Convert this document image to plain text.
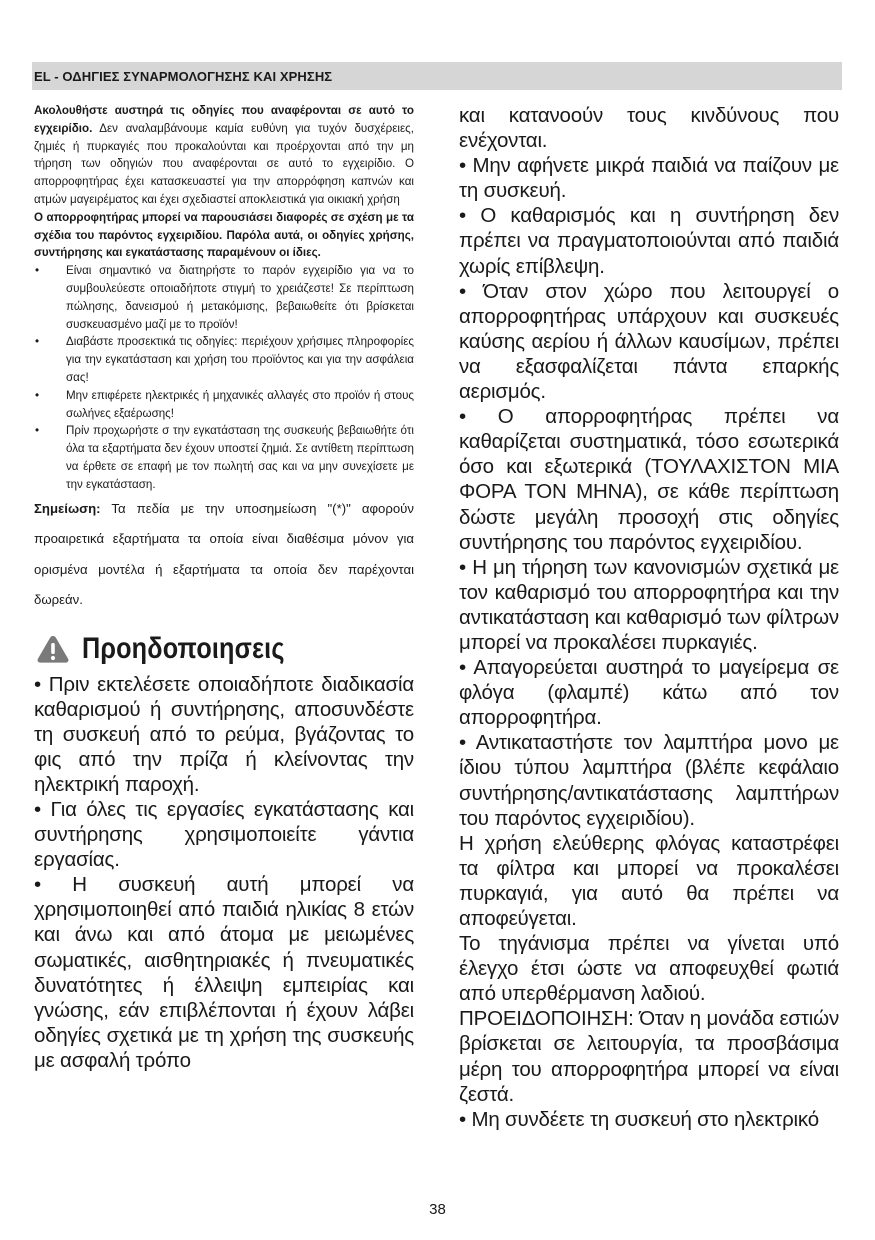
EL - ΟΔΗΓΙΕΣ ΣΥΝΑΡΜΟΛΟΓΗΣΗΣ ΚΑΙ ΧΡΗΣΗΣ

Ακολουθήστε αυστηρά τις οδηγίες που αναφέρονται σε αυτό το εγχειρίδιο. Δεν αναλαμβάνουμε καμία ευθύνη για τυχόν δυσχέρειες, ζημιές ή πυρκαγιές που προκαλούνται και προέρχονται από την μη τήρηση των οδηγιών που αναφέρονται σε αυτό το εγχειρίδιο. Ο απορροφητήρας έχει κατασκευαστεί για την απορρόφηση καπνών και ατμών μαγειρέματος και έχει σχεδιαστεί αποκλειστικά για οικιακή χρήση

Ο απορροφητήρας μπορεί να παρουσιάσει διαφορές σε σχέση με τα σχέδια του παρόντος εγχειριδίου. Παρόλα αυτά, οι οδηγίες χρήσης, συντήρησης και εγκατάστασης παραμένουν οι ίδιες.

• Είναι σημαντικό να διατηρήστε το παρόν εγχειρίδιο για να το συμβουλεύεστε οποιαδήποτε στιγμή το χρειάζεστε! Σε περίπτωση πώλησης, δανεισμού ή μετακόμισης, βεβαιωθείτε ότι βρίσκεται συσκευασμένο μαζί με το προϊόν!
• Διαβάστε προσεκτικά τις οδηγίες: περιέχουν χρήσιμες πληροφορίες για την εγκατάσταση και χρήση του προϊόντος και για την ασφάλεια σας!
• Μην επιφέρετε ηλεκτρικές ή μηχανικές αλλαγές στο προϊόν ή στους σωλήνες εξαέρωσης!
• Πρίν προχωρήστε σ την εγκατάσταση της συσκευής βεβαιωθήτε ότι όλα τα εξαρτήματα δεν έχουν υποστεί ζημιά. Σε αντίθετη περίπτωση να έρθετε σε επαφή με τον πωλητή σας και να μην συνεχίσετε με την εγκατάσταση.

Σημείωση: Τα πεδία με την υποσημείωση "(*)" αφορούν προαιρετικά εξαρτήματα τα οποία είναι διαθέσιμα μόνον για ορισμένα μοντέλα ή εξαρτήματα τα οποία δεν παρέχονται δωρεάν.

Προηδοποιησεις

• Πριν εκτελέσετε οποιαδήποτε διαδικασία καθαρισμού ή συντήρησης, αποσυνδέστε τη συσκευή από το ρεύμα, βγάζοντας το φις από την πρίζα ή κλείνοντας την ηλεκτρική παροχή.

• Για όλες τις εργασίες εγκατάστασης και συντήρησης χρησιμοποιείτε γάντια εργασίας.

• Η συσκευή αυτή μπορεί να χρησιμοποιηθεί από παιδιά ηλικίας 8 ετών και άνω και από άτομα με μειωμένες σωματικές, αισθητηριακές ή πνευματικές δυνατότητες ή έλλειψη εμπειρίας και γνώσης, εάν επιβλέπονται ή έχουν λάβει οδηγίες σχετικά με τη χρήση της συσκευής με ασφαλή τρόπο

και κατανοούν τους κινδύνους που ενέχονται.

• Μην αφήνετε μικρά παιδιά να παίζουν με τη συσκευή.

• Ο καθαρισμός και η συντήρηση δεν πρέπει να πραγματοποιούνται από παιδιά χωρίς επίβλεψη.

• Όταν στον χώρο που λειτουργεί ο απορροφητήρας υπάρχουν και συσκευές καύσης αερίου ή άλλων καυσίμων, πρέπει να εξασφαλίζεται πάντα επαρκής αερισμός.

• Ο απορροφητήρας πρέπει να καθαρίζεται συστηματικά, τόσο εσωτερικά όσο και εξωτερικά (ΤΟΥΛΑΧΙΣΤΟΝ ΜΙΑ ΦΟΡΑ ΤΟΝ ΜΗΝΑ), σε κάθε περίπτωση δώστε μεγάλη προσοχή στις οδηγίες συντήρησης του παρόντος εγχειριδίου.

• Η μη τήρηση των κανονισμών σχετικά με τον καθαρισμό του απορροφητήρα και την αντικατάσταση και καθαρισμό των φίλτρων μπορεί να προκαλέσει πυρκαγιές.

• Απαγορεύεται αυστηρά το μαγείρεμα σε φλόγα (φλαμπέ) κάτω από τον απορροφητήρα.

• Αντικαταστήστε τον λαμπτήρα μονο με ίδιου τύπου λαμπτήρα (βλέπε κεφάλαιο συντήρησης/αντικατάστασης λαμπτήρων του παρόντος εγχειριδίου).

Η χρήση ελεύθερης φλόγας καταστρέφει τα φίλτρα και μπορεί να προκαλέσει πυρκαγιά, για αυτό θα πρέπει να αποφεύγεται.

Το τηγάνισμα πρέπει να γίνεται υπό έλεγχο έτσι ώστε να αποφευχθεί φωτιά από υπερθέρμανση λαδιού.

ΠΡΟΕΙΔΟΠΟΙΗΣΗ: Όταν η μονάδα εστιών βρίσκεται σε λειτουργία, τα προσβάσιμα μέρη του απορροφητήρα μπορεί να είναι ζεστά.

• Μη συνδέετε τη συσκευή στο ηλεκτρικό

38
